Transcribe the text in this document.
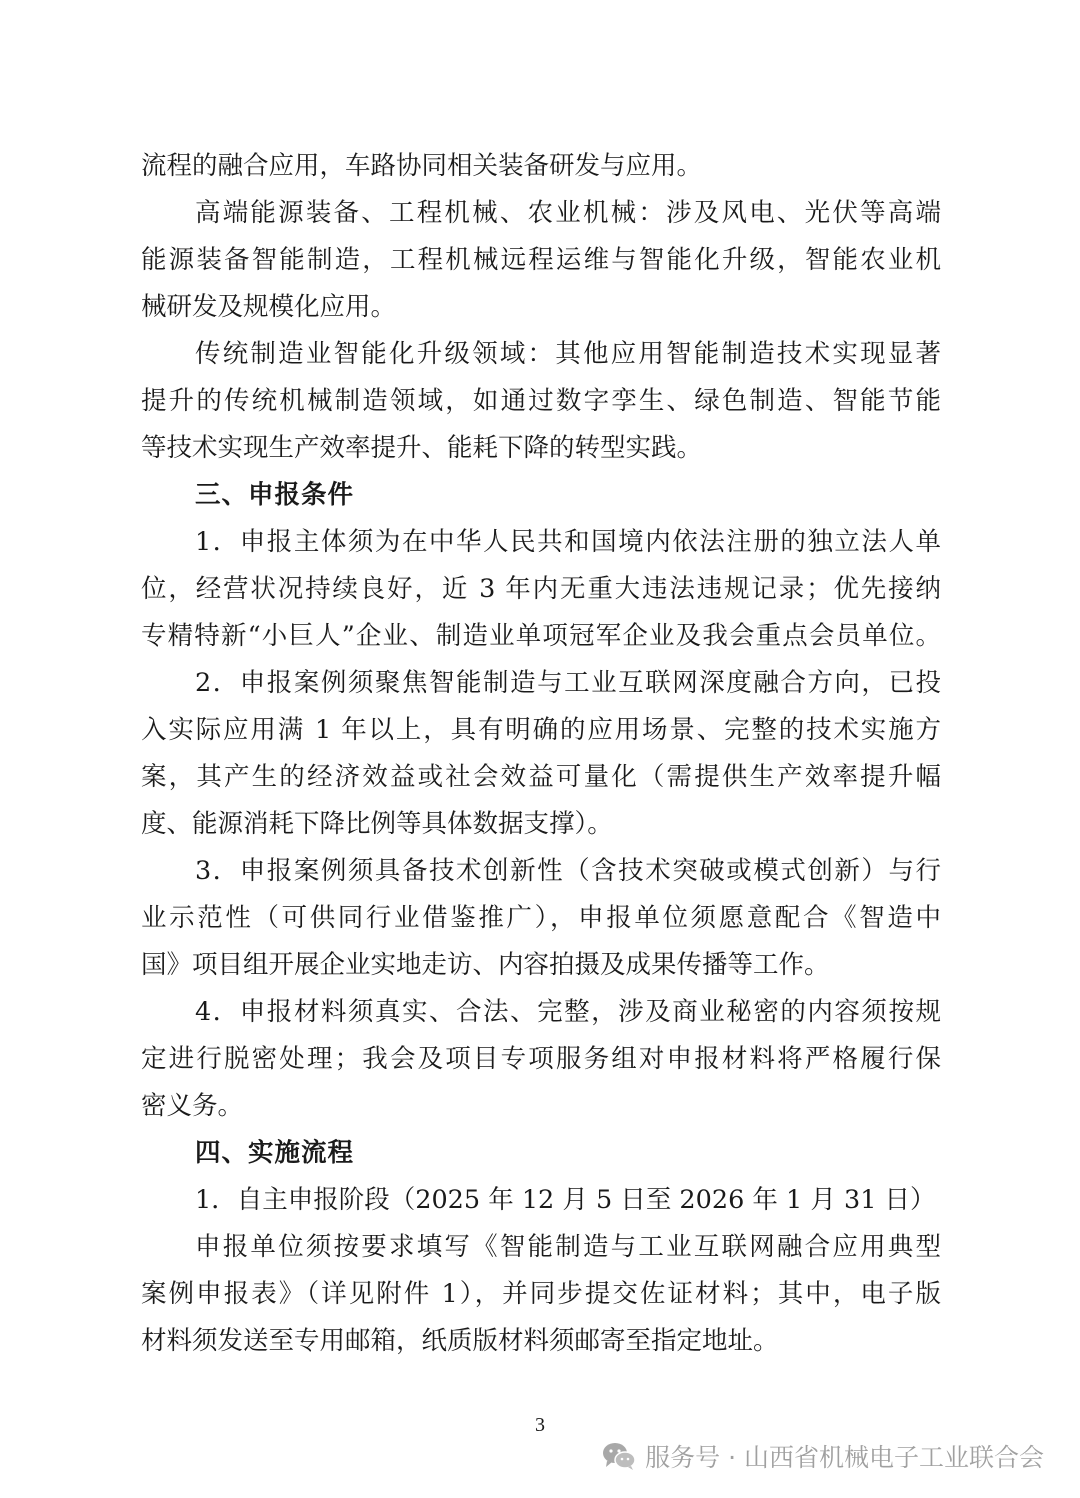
流程的融合应用，车路协同相关装备研发与应用。
高端能源装备、工程机械、农业机械：涉及风电、光伏等高端
能源装备智能制造，工程机械远程运维与智能化升级，智能农业机
械研发及规模化应用。
传统制造业智能化升级领域：其他应用智能制造技术实现显著
提升的传统机械制造领域，如通过数字孪生、绿色制造、智能节能
等技术实现生产效率提升、能耗下降的转型实践。
三、申报条件
1．申报主体须为在中华人民共和国境内依法注册的独立法人单
位，经营状况持续良好，近 3 年内无重大违法违规记录；优先接纳
专精特新“小巨人”企业、制造业单项冠军企业及我会重点会员单位。
2．申报案例须聚焦智能制造与工业互联网深度融合方向，已投
入实际应用满 1 年以上，具有明确的应用场景、完整的技术实施方
案，其产生的经济效益或社会效益可量化（需提供生产效率提升幅
度、能源消耗下降比例等具体数据支撑）。
3．申报案例须具备技术创新性（含技术突破或模式创新）与行
业示范性（可供同行业借鉴推广），申报单位须愿意配合《智造中
国》项目组开展企业实地走访、内容拍摄及成果传播等工作。
4．申报材料须真实、合法、完整，涉及商业秘密的内容须按规
定进行脱密处理；我会及项目专项服务组对申报材料将严格履行保
密义务。
四、实施流程
1．自主申报阶段（2025 年 12 月 5 日至 2026 年 1 月 31 日）
申报单位须按要求填写《智能制造与工业互联网融合应用典型
案例申报表》（详见附件 1），并同步提交佐证材料；其中，电子版
材料须发送至专用邮箱，纸质版材料须邮寄至指定地址。
3
服务号 · 山西省机械电子工业联合会
